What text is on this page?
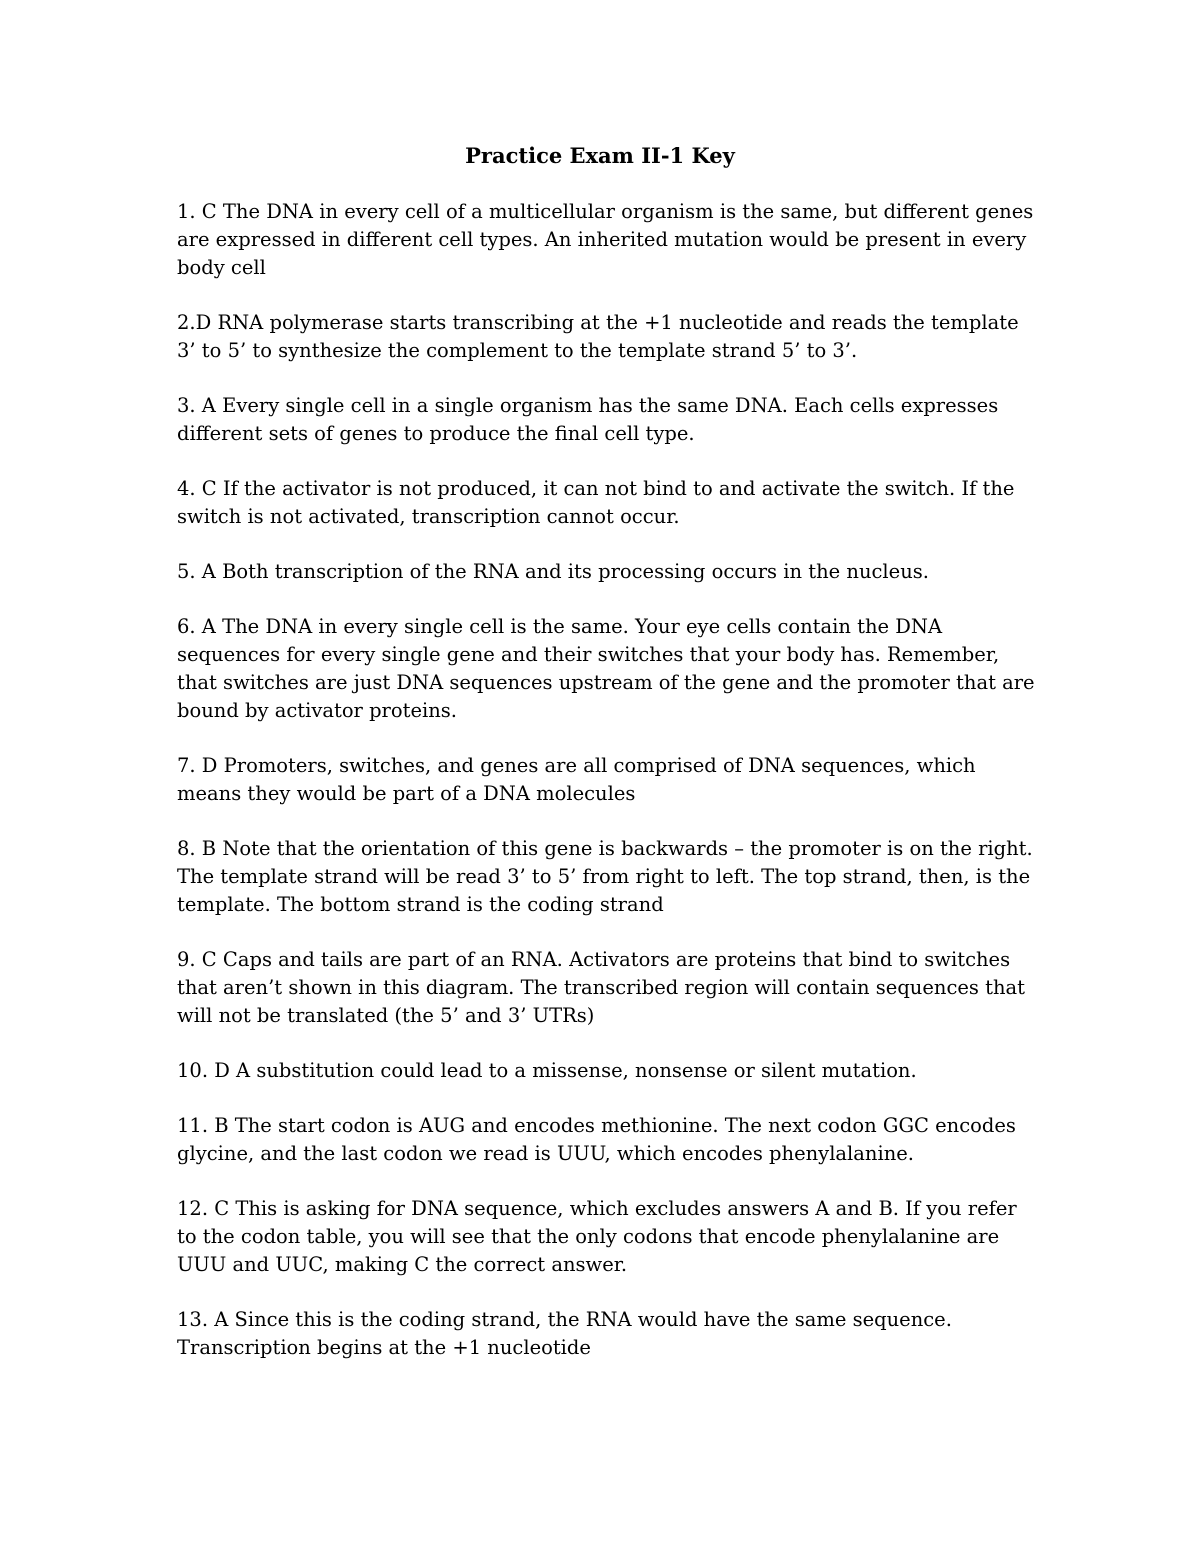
Practice Exam II-1 Key

1. C The DNA in every cell of a multicellular organism is the same, but different genes are expressed in different cell types. An inherited mutation would be present in every body cell

2.D RNA polymerase starts transcribing at the +1 nucleotide and reads the template 3’ to 5’ to synthesize the complement to the template strand 5’ to 3’.

3. A Every single cell in a single organism has the same DNA. Each cells expresses different sets of genes to produce the final cell type.

4. C If the activator is not produced, it can not bind to and activate the switch. If the switch is not activated, transcription cannot occur.

5. A Both transcription of the RNA and its processing occurs in the nucleus.

6. A The DNA in every single cell is the same. Your eye cells contain the DNA sequences for every single gene and their switches that your body has. Remember, that switches are just DNA sequences upstream of the gene and the promoter that are bound by activator proteins.

7. D Promoters, switches, and genes are all comprised of DNA sequences, which means they would be part of a DNA molecules

8. B Note that the orientation of this gene is backwards – the promoter is on the right. The template strand will be read 3’ to 5’ from right to left. The top strand, then, is the template. The bottom strand is the coding strand

9. C Caps and tails are part of an RNA. Activators are proteins that bind to switches that aren’t shown in this diagram. The transcribed region will contain sequences that will not be translated (the 5’ and 3’ UTRs)

10. D A substitution could lead to a missense, nonsense or silent mutation.

11. B The start codon is AUG and encodes methionine. The next codon GGC encodes glycine, and the last codon we read is UUU, which encodes phenylalanine.

12. C This is asking for DNA sequence, which excludes answers A and B. If you refer to the codon table, you will see that the only codons that encode phenylalanine are UUU and UUC, making C the correct answer.

13. A Since this is the coding strand, the RNA would have the same sequence. Transcription begins at the +1 nucleotide
